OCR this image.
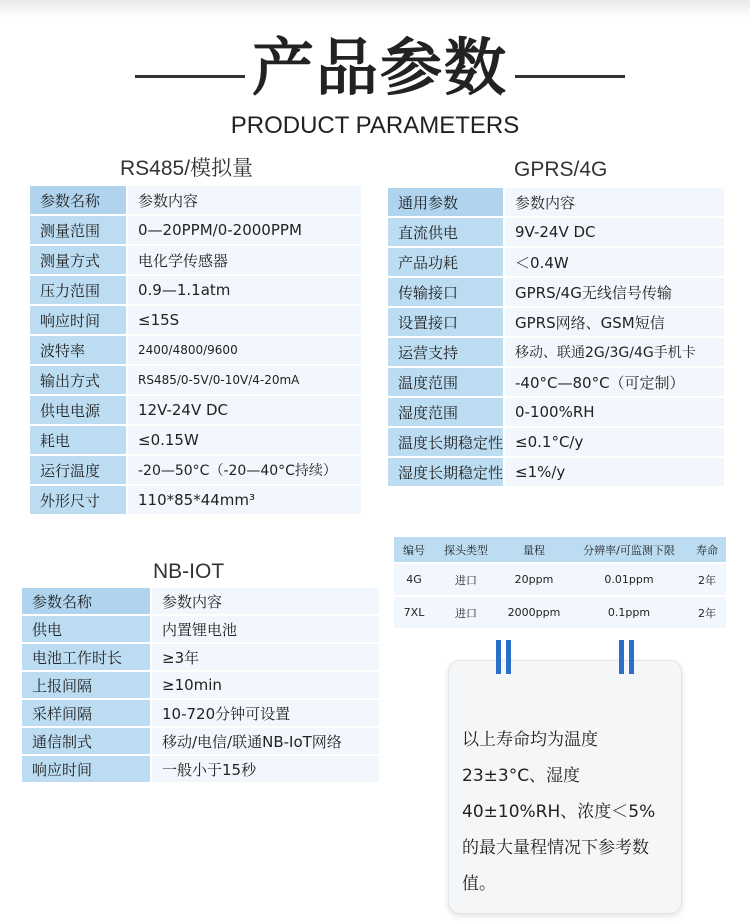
产品参数
PRODUCT PARAMETERS
RS485/模拟量
参数名称	参数内容
测量范围	0—20PPM/0-2000PPM
测量方式	电化学传感器
压力范围	0.9—1.1atm
响应时间	≤15S
波特率	2400/4800/9600
输出方式	RS485/0-5V/0-10V/4-20mA
供电电源	12V-24V DC
耗电	≤0.15W
运行温度	-20—50°C（-20—40°C持续）
外形尺寸	110*85*44mm³
GPRS/4G
通用参数	参数内容
直流供电	9V-24V DC
产品功耗	＜0.4W
传输接口	GPRS/4G无线信号传输
设置接口	GPRS网络、GSM短信
运营支持	移动、联通2G/3G/4G手机卡
温度范围	-40°C—80°C（可定制）
湿度范围	0-100%RH
温度长期稳定性	≤0.1°C/y
湿度长期稳定性	≤1%/y
NB-IOT
参数名称	参数内容
供电	内置锂电池
电池工作时长	≥3年
上报间隔	≥10min
采样间隔	10-720分钟可设置
通信制式	移动/电信/联通NB-IoT网络
响应时间	一般小于15秒
编号	探头类型	量程	分辨率/可监测下限	寿命
4G	进口	20ppm	0.01ppm	2年
7XL	进口	2000ppm	0.1ppm	2年
以上寿命均为温度23±3°C、湿度40±10%RH、浓度＜5%的最大量程情况下参考数值。
